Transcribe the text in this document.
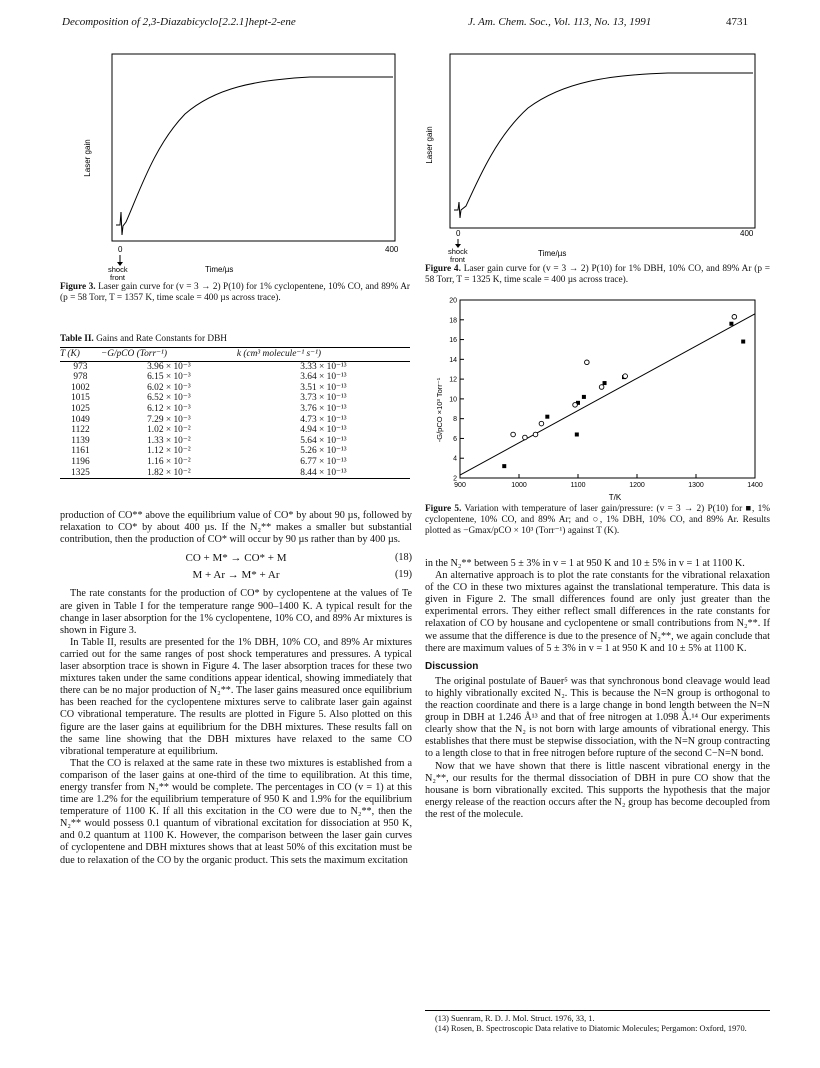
Decomposition of 2,3-Diazabicyclo[2.2.1]hept-2-ene	J. Am. Chem. Soc., Vol. 113, No. 13, 1991	4731
Laser gain
0	400
shock
front
Time/µs
Figure 3. Laser gain curve for (v = 3 → 2) P(10) for 1% cyclopentene, 10% CO, and 89% Ar (p = 58 Torr, T = 1357 K, time scale = 400 µs across trace).
Table II. Gains and Rate Constants for DBH
T (K)	−G/pCO (Torr⁻¹)	k (cm³ molecule⁻¹ s⁻¹)
973	3.96 × 10⁻³	3.33 × 10⁻¹³
978	6.15 × 10⁻³	3.64 × 10⁻¹³
1002	6.02 × 10⁻³	3.51 × 10⁻¹³
1015	6.52 × 10⁻³	3.73 × 10⁻¹³
1025	6.12 × 10⁻³	3.76 × 10⁻¹³
1049	7.29 × 10⁻³	4.73 × 10⁻¹³
1122	1.02 × 10⁻²	4.94 × 10⁻¹³
1139	1.33 × 10⁻²	5.64 × 10⁻¹³
1161	1.12 × 10⁻²	5.26 × 10⁻¹³
1196	1.16 × 10⁻²	6.77 × 10⁻¹³
1325	1.82 × 10⁻²	8.44 × 10⁻¹³

production of CO** above the equilibrium value of CO* by about 90 µs, followed by relaxation to CO* by about 400 µs. If the N₂** makes a smaller but substantial contribution, then the production of CO* will occur by 90 µs rather than by 400 µs.

CO + M* → CO* + M	(18)
M + Ar → M* + Ar	(19)

The rate constants for the production of CO* by cyclopentene at the values of Te are given in Table I for the temperature range 900–1400 K. A typical result for the change in laser absorption for the 1% cyclopentene, 10% CO, and 89% Ar mixtures is shown in Figure 3.

In Table II, results are presented for the 1% DBH, 10% CO, and 89% Ar mixtures carried out for the same ranges of post shock temperatures and pressures. A typical laser absorption trace is shown in Figure 4. The laser absorption traces for these two mixtures taken under the same conditions appear identical, showing immediately that there can be no major production of N₂**. The laser gains measured once equilibrium has been reached for the cyclopentene mixtures serve to calibrate laser gain against CO vibrational temperature. The results are plotted in Figure 5. Also plotted on this figure are the laser gains at equilibrium for the DBH mixtures. These results fall on the same line showing that the DBH mixtures have relaxed to the same CO vibrational temperature at equilibrium.

That the CO is relaxed at the same rate in these two mixtures is established from a comparison of the laser gains at one-third of the time to equilibration. At this time, energy transfer from N₂** would be complete. The percentages in CO (v = 1) at this time are 1.2% for the equilibrium temperature of 950 K and 1.9% for the equilibrium temperature of 1100 K. If all this excitation in the CO were due to N₂**, then the N₂** would possess 0.1 quantum of vibrational excitation for dissociation at 950 K, and 0.2 quantum at 1100 K. However, the comparison between the laser gain curves of cyclopentene and DBH mixtures shows that at least 50% of this excitation must be due to relaxation of the CO by the organic product. This sets the maximum excitation

Laser gain
0	400
shock
front
Time/µs
Figure 4. Laser gain curve for (v = 3 → 2) P(10) for 1% DBH, 10% CO, and 89% Ar (p = 58 Torr, T = 1325 K, time scale = 400 µs across trace).
900	1000	1100	1200	1300	1400
2
4
6
8
10
12
14
16
18
20
-G/pCO ×10³ Torr⁻¹
T/K
Figure 5. Variation with temperature of laser gain/pressure: (v = 3 → 2) P(10) for ■, 1% cyclopentene, 10% CO, and 89% Ar; and ○, 1% DBH, 10% CO, and 89% Ar. Results plotted as −Gmax/pCO × 10³ (Torr⁻¹) against T (K).

in the N₂** between 5 ± 3% in v = 1 at 950 K and 10 ± 5% in v = 1 at 1100 K.

An alternative approach is to plot the rate constants for the vibrational relaxation of the CO in these two mixtures against the translational temperature. This data is given in Figure 2. The small differences found are only just greater than the experimental errors. They either reflect small differences in the rate constants for relaxation of CO by housane and cyclopentene or small contributions from N₂**. If we assume that the difference is due to the presence of N₂**, we again conclude that there are maximum values of 5 ± 3% in v = 1 at 950 K and 10 ± 5% at 1100 K.

Discussion

The original postulate of Bauer⁵ was that synchronous bond cleavage would lead to highly vibrationally excited N₂. This is because the N=N group is orthogonal to the reaction coordinate and there is a large change in bond length between the N=N group in DBH at 1.246 Å¹³ and that of free nitrogen at 1.098 Å.¹⁴ Our experiments clearly show that the N₂ is not born with large amounts of vibrational energy. This establishes that there must be stepwise dissociation, with the N=N group contracting to a length close to that in free nitrogen before rupture of the second C−N=N bond.

Now that we have shown that there is little nascent vibrational energy in the N₂**, our results for the thermal dissociation of DBH in pure CO show that the housane is born vibrationally excited. This supports the hypothesis that the major energy release of the reaction occurs after the N₂ group has become decoupled from the rest of the molecule.

(13) Suenram, R. D. J. Mol. Struct. 1976, 33, 1.
(14) Rosen, B. Spectroscopic Data relative to Diatomic Molecules; Pergamon: Oxford, 1970.
